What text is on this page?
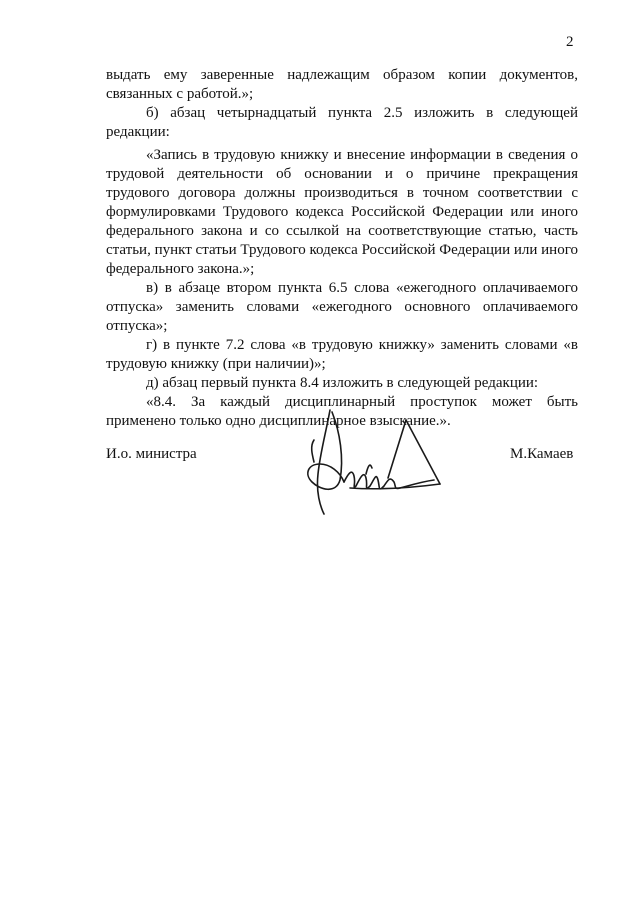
2

выдать ему заверенные надлежащим образом копии документов, связанных с работой.»;

б) абзац четырнадцатый пункта 2.5 изложить в следующей редакции:

«Запись в трудовую книжку и внесение информации в сведения о трудовой деятельности об основании и о причине прекращения трудового договора должны производиться в точном соответствии с формулировками Трудового кодекса Российской Федерации или иного федерального закона и со ссылкой на соответствующие статью, часть статьи, пункт статьи Трудового кодекса Российской Федерации или иного федерального закона.»;

в) в абзаце втором пункта 6.5 слова «ежегодного оплачиваемого отпуска» заменить словами «ежегодного основного оплачиваемого отпуска»;

г) в пункте 7.2 слова «в трудовую книжку» заменить словами «в трудовую книжку (при наличии)»;

д) абзац первый пункта 8.4 изложить в следующей редакции:

«8.4. За каждый дисциплинарный проступок может быть применено только одно дисциплинарное взыскание.».

И.о. министра	М.Камаев
